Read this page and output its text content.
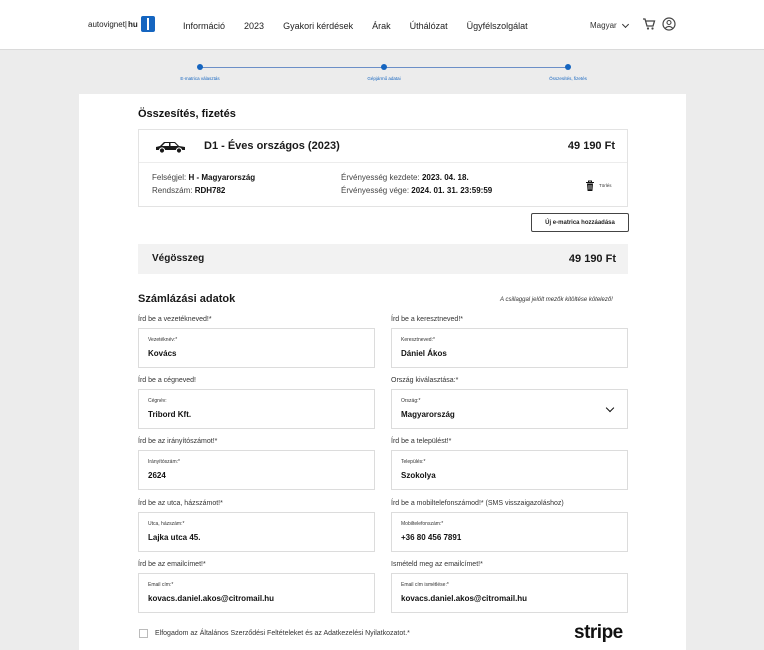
autovignet | hu	Információ 2023 Gyakori kérdések Árak Úthálózat Ügyfélszolgálat	Magyar
E-matrica választás	Gépjármű adatai	Összesítés, fizetés
Összesítés, fizetés
D1 - Éves országos (2023)	49 190 Ft
Felségjel: H - Magyarország
Rendszám: RDH782
Érvényesség kezdete: 2023. 04. 18.
Érvényesség vége: 2024. 01. 31. 23:59:59
Törlés
Új e-matrica hozzáadása
Végösszeg	49 190 Ft
Számlázási adatok	A csillaggal jelölt mezők kitöltése kötelező!
Írd be a vezetékneved!*
Vezetéknév:*
Kovács
Írd be a keresztneved!*
Keresztneved:*
Dániel Ákos
Írd be a cégneved!
Cégnév:
Tribord Kft.
Ország kiválasztása:*
Ország:*
Magyarország
Írd be az irányítószámot!*
Irányítószám:*
2624
Írd be a települést!*
Település:*
Szokolya
Írd be az utca, házszámot!*
Utca, házszám:*
Lajka utca 45.
Írd be a mobiltelefonszámod!* (SMS visszaigazoláshoz)
Mobiltelefonszám:*
+36 80 456 7891
Írd be az emailcímet!*
Email cím:*
kovacs.daniel.akos@citromail.hu
Ismételd meg az emailcímet!*
Email cím ismétlése:*
kovacs.daniel.akos@citromail.hu
Elfogadom az Általános Szerződési Feltételeket és az Adatkezelési Nyilatkozatot.*	stripe
